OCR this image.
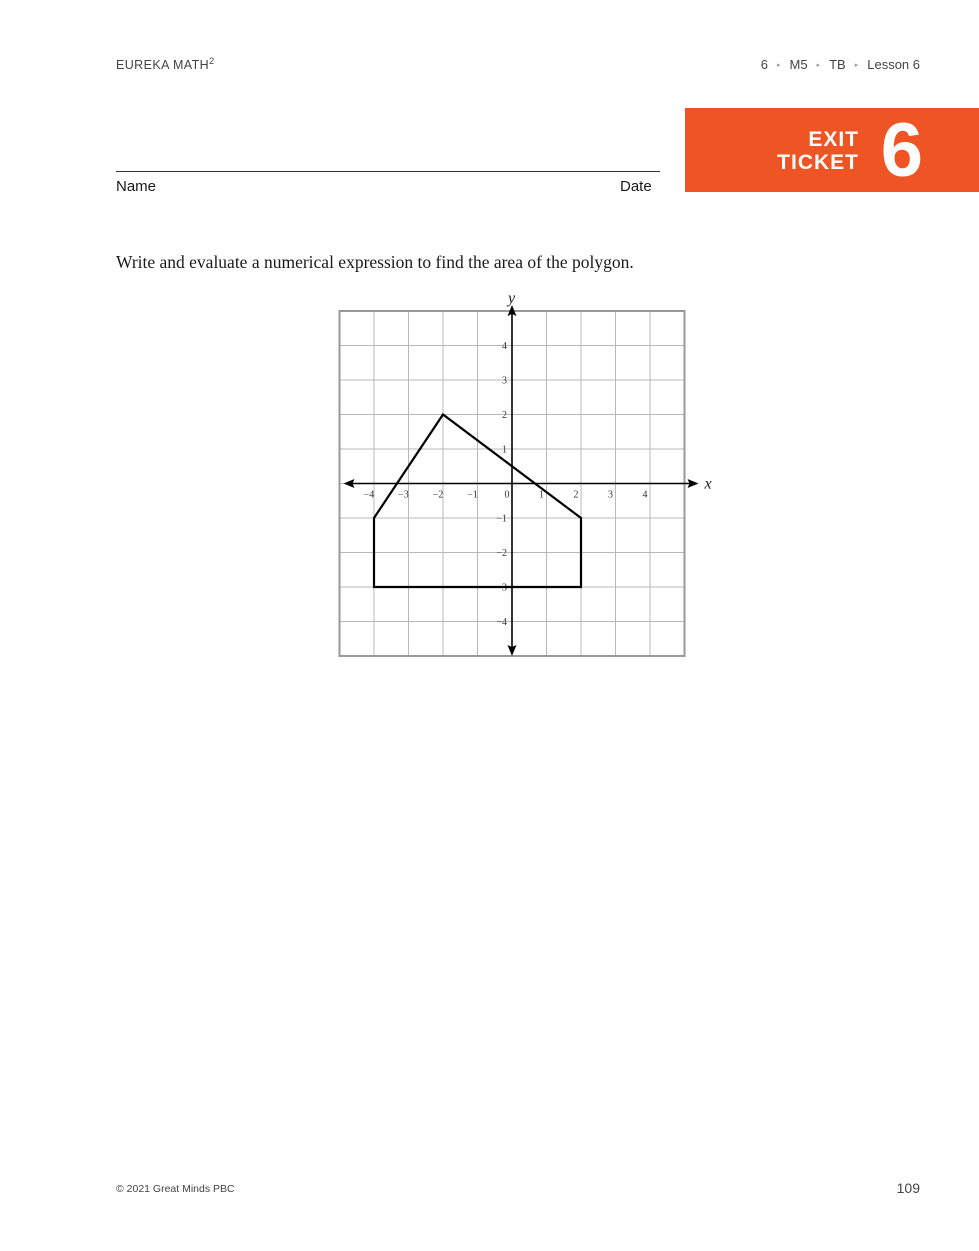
EUREKA MATH$^2$	6 ▸ M5 ▸ TB ▸ Lesson 6
EXIT
TICKET 6
Name	Date
Write and evaluate a numerical expression to find the area of the polygon.
−4 −3 −2 −1	0	1	2	3	4
−4
−3
−2
−1
1
2
3
4
x
y
© 2021 Great Minds PBC	109
